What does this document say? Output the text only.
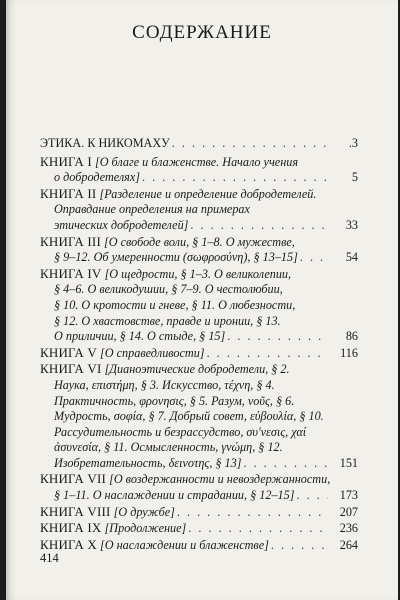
СОДЕРЖАНИЕ
ЭТИКА. К НИКОМАХУ . . .	.3
КНИГА I
[О благе и блаженстве. Начало учения
о добродетелях] . . .	5
КНИГА II
[Разделение и определение добродетелей.
Оправдание определения на примерах
этических добродетелей] . . .	33
КНИГА III
[О свободе воли, § 1–8. О мужестве,
§ 9–12. Об умеренности (σωφροσύνη), § 13–15] . . .	54
КНИГА IV
[О щедрости, § 1–3. О великолепии,
§ 4–6. О великодушии, § 7–9. О честолюбии,
§ 10. О кротости и гневе, § 11. О любезности,
§ 12. О хвастовстве, правде и иронии, § 13.
О приличии, § 14. О стыде, § 15] . . .	86
КНИГА V
[О справедливости] . . .	116
КНИГА VI
[Дианоэтические добродетели, § 2.
Наука, επιστήμη, § 3. Искусство, τέχνη, § 4.
Практичность, φρονησις, § 5. Разум, νοῦς, § 6.
Мудрость, σοφία, § 7. Добрый совет, εὐβουλία, § 10.
Рассудительность и безрассудство, συ'νεσις, χαί
ἀσυνεσία, § 11. Осмысленность, γνώμη, § 12.
Изобретательность, δεινοτης, § 13] . . .	151
КНИГА VII
[О воздержанности и невоздержанности,
§ 1–11. О наслаждении и страдании, § 12–15] . . .	173
КНИГА VIII
[О дружбе] . . .	207
КНИГА IX
[Продолжение] . . .	236
КНИГА X
[О наслаждении и блаженстве] . . .	264
414
